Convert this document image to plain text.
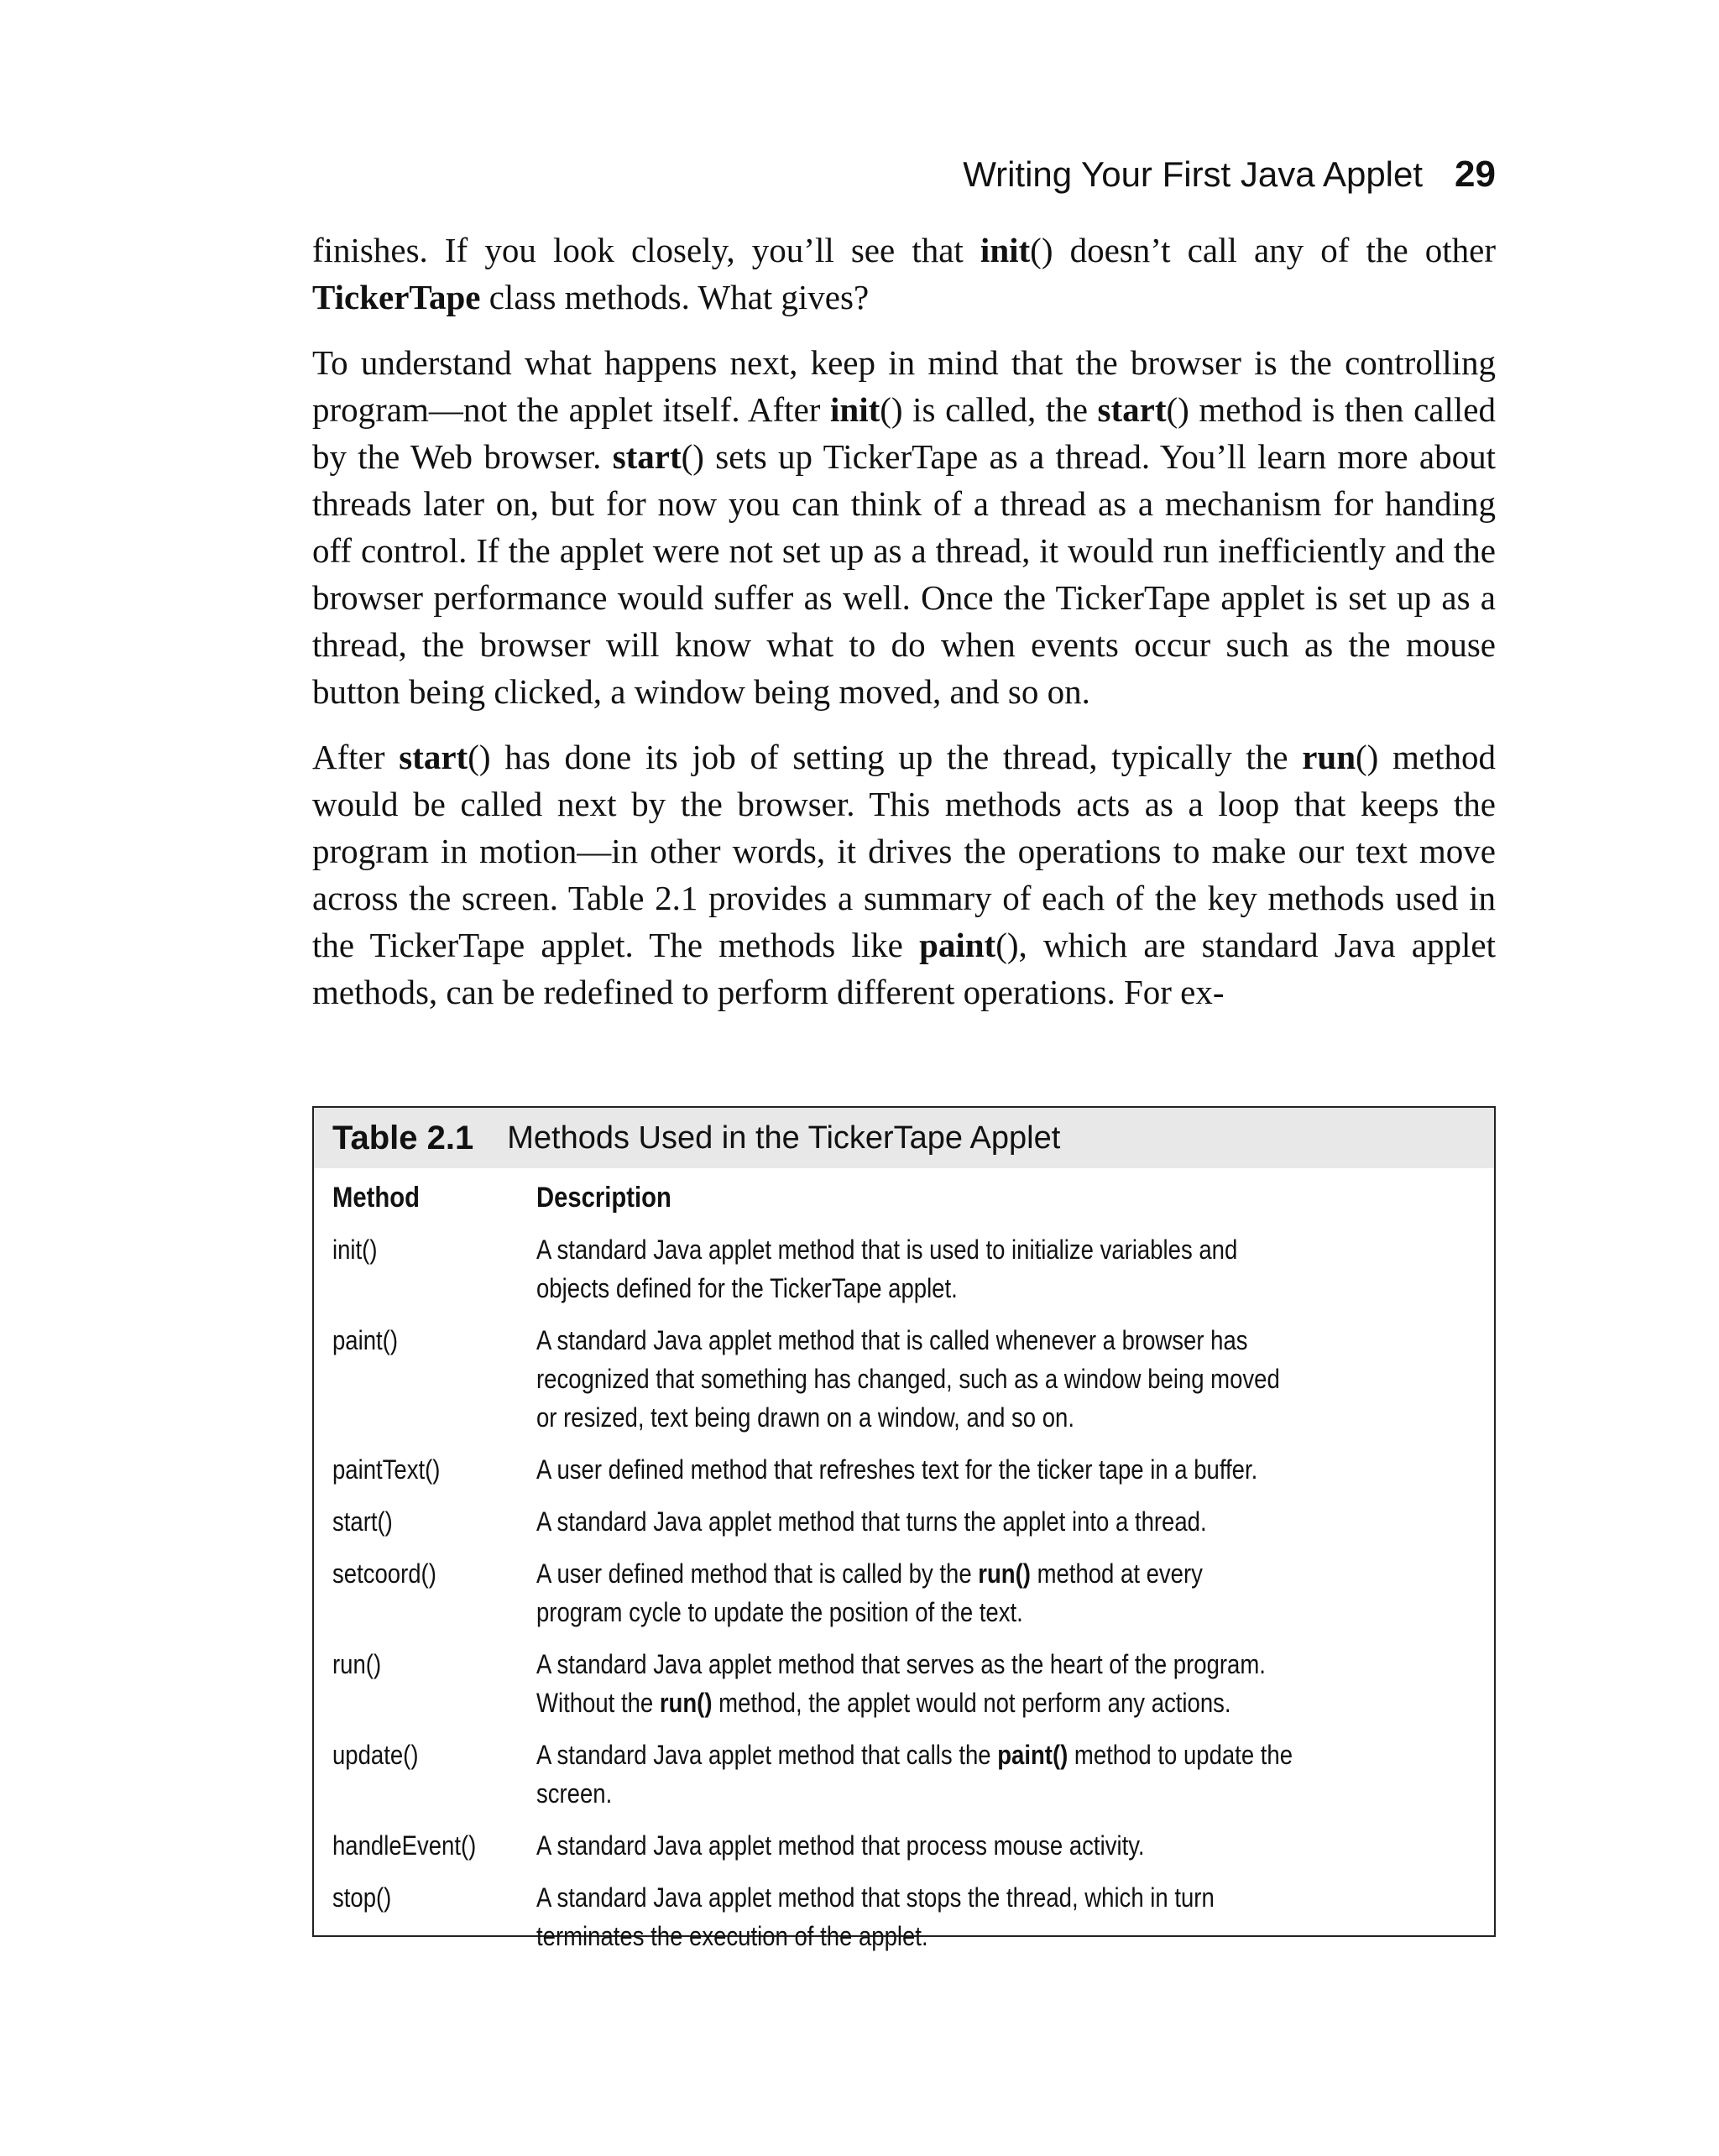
Writing Your First Java Applet 29

finishes. If you look closely, you’ll see that init() doesn’t call any of the other TickerTape class methods. What gives?

To understand what happens next, keep in mind that the browser is the controlling program—not the applet itself. After init() is called, the start() method is then called by the Web browser. start() sets up TickerTape as a thread. You’ll learn more about threads later on, but for now you can think of a thread as a mechanism for handing off control. If the applet were not set up as a thread, it would run inefficiently and the browser performance would suffer as well. Once the TickerTape applet is set up as a thread, the browser will know what to do when events occur such as the mouse button being clicked, a window being moved, and so on.

After start() has done its job of setting up the thread, typically the run() method would be called next by the browser. This methods acts as a loop that keeps the program in motion—in other words, it drives the operations to make our text move across the screen. Table 2.1 provides a summary of each of the key methods used in the TickerTape applet. The methods like paint(), which are standard Java applet methods, can be redefined to perform different operations. For ex-

Table 2.1 Methods Used in the TickerTape Applet
Method	Description
init()	A standard Java applet method that is used to initialize variables and objects defined for the TickerTape applet.
paint()	A standard Java applet method that is called whenever a browser has recognized that something has changed, such as a window being moved or resized, text being drawn on a window, and so on.
paintText()	A user defined method that refreshes text for the ticker tape in a buffer.
start()	A standard Java applet method that turns the applet into a thread.
setcoord()	A user defined method that is called by the run() method at every program cycle to update the position of the text.
run()	A standard Java applet method that serves as the heart of the program. Without the run() method, the applet would not perform any actions.
update()	A standard Java applet method that calls the paint() method to update the screen.
handleEvent()	A standard Java applet method that process mouse activity.
stop()	A standard Java applet method that stops the thread, which in turn terminates the execution of the applet.
